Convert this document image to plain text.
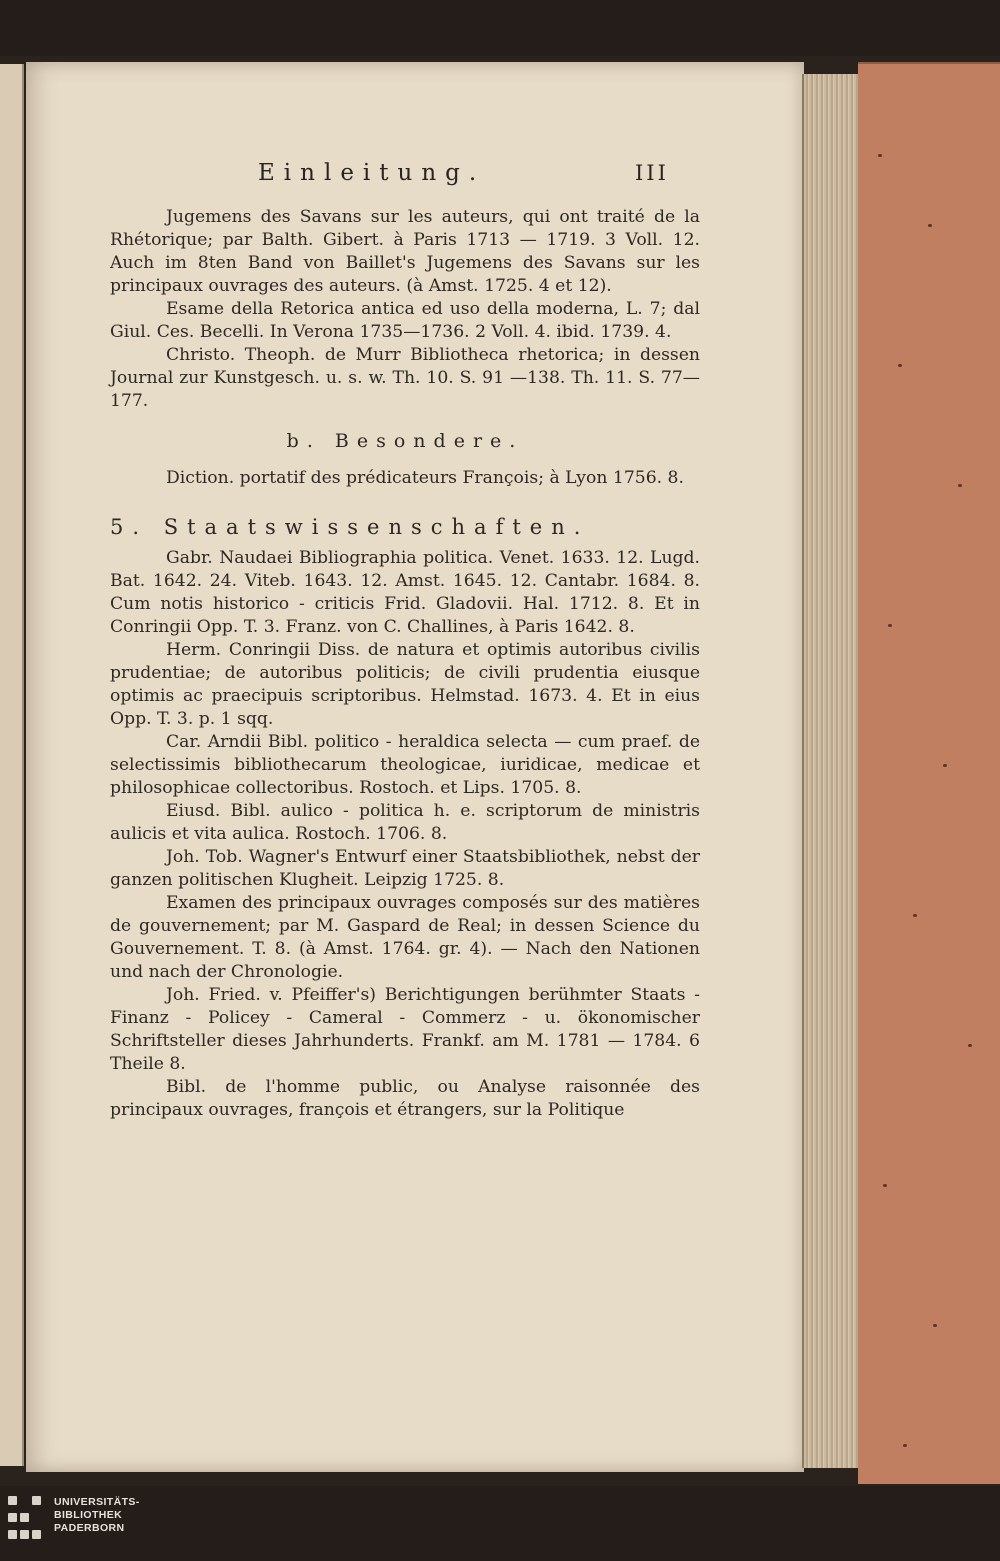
Einleitung.	III

Jugemens des Savans sur les auteurs, qui ont traité de la Rhétorique; par Balth. Gibert. à Paris 1713 — 1719. 3 Voll. 12. Auch im 8ten Band von Baillet's Jugemens des Savans sur les principaux ouvrages des auteurs. (à Amst. 1725. 4 et 12).

Esame della Retorica antica ed uso della moderna, L. 7; dal Giul. Ces. Becelli. In Verona 1735—1736. 2 Voll. 4. ibid. 1739. 4.

Christo. Theoph. de Murr Bibliotheca rhetorica; in dessen Journal zur Kunstgesch. u. s. w. Th. 10. S. 91 —138. Th. 11. S. 77—177.

b. Besondere.

Diction. portatif des prédicateurs François; à Lyon 1756. 8.

5. Staatswissenschaften.

Gabr. Naudaei Bibliographia politica. Venet. 1633. 12. Lugd. Bat. 1642. 24. Viteb. 1643. 12. Amst. 1645. 12. Cantabr. 1684. 8. Cum notis historico - criticis Frid. Gladovii. Hal. 1712. 8. Et in Conringii Opp. T. 3. Franz. von C. Challines, à Paris 1642. 8.

Herm. Conringii Diss. de natura et optimis autoribus civilis prudentiae; de autoribus politicis; de civili prudentia eiusque optimis ac praecipuis scriptoribus. Helmstad. 1673. 4. Et in eius Opp. T. 3. p. 1 sqq.

Car. Arndii Bibl. politico - heraldica selecta — cum praef. de selectissimis bibliothecarum theologicae, iuridicae, medicae et philosophicae collectoribus. Rostoch. et Lips. 1705. 8.

Eiusd. Bibl. aulico - politica h. e. scriptorum de ministris aulicis et vita aulica. Rostoch. 1706. 8.

Joh. Tob. Wagner's Entwurf einer Staatsbibliothek, nebst der ganzen politischen Klugheit. Leipzig 1725. 8.

Examen des principaux ouvrages composés sur des matières de gouvernement; par M. Gaspard de Real; in dessen Science du Gouvernement. T. 8. (à Amst. 1764. gr. 4). — Nach den Nationen und nach der Chronologie.

Joh. Fried. v. Pfeiffer's) Berichtigungen berühmter Staats - Finanz - Policey - Cameral - Commerz - u. ökonomischer Schriftsteller dieses Jahrhunderts. Frankf. am M. 1781 — 1784. 6 Theile 8.

Bibl. de l'homme public, ou Analyse raisonnée des principaux ouvrages, françois et étrangers, sur la Politique

UNIVERSITÄTS-
BIBLIOTHEK
PADERBORN
